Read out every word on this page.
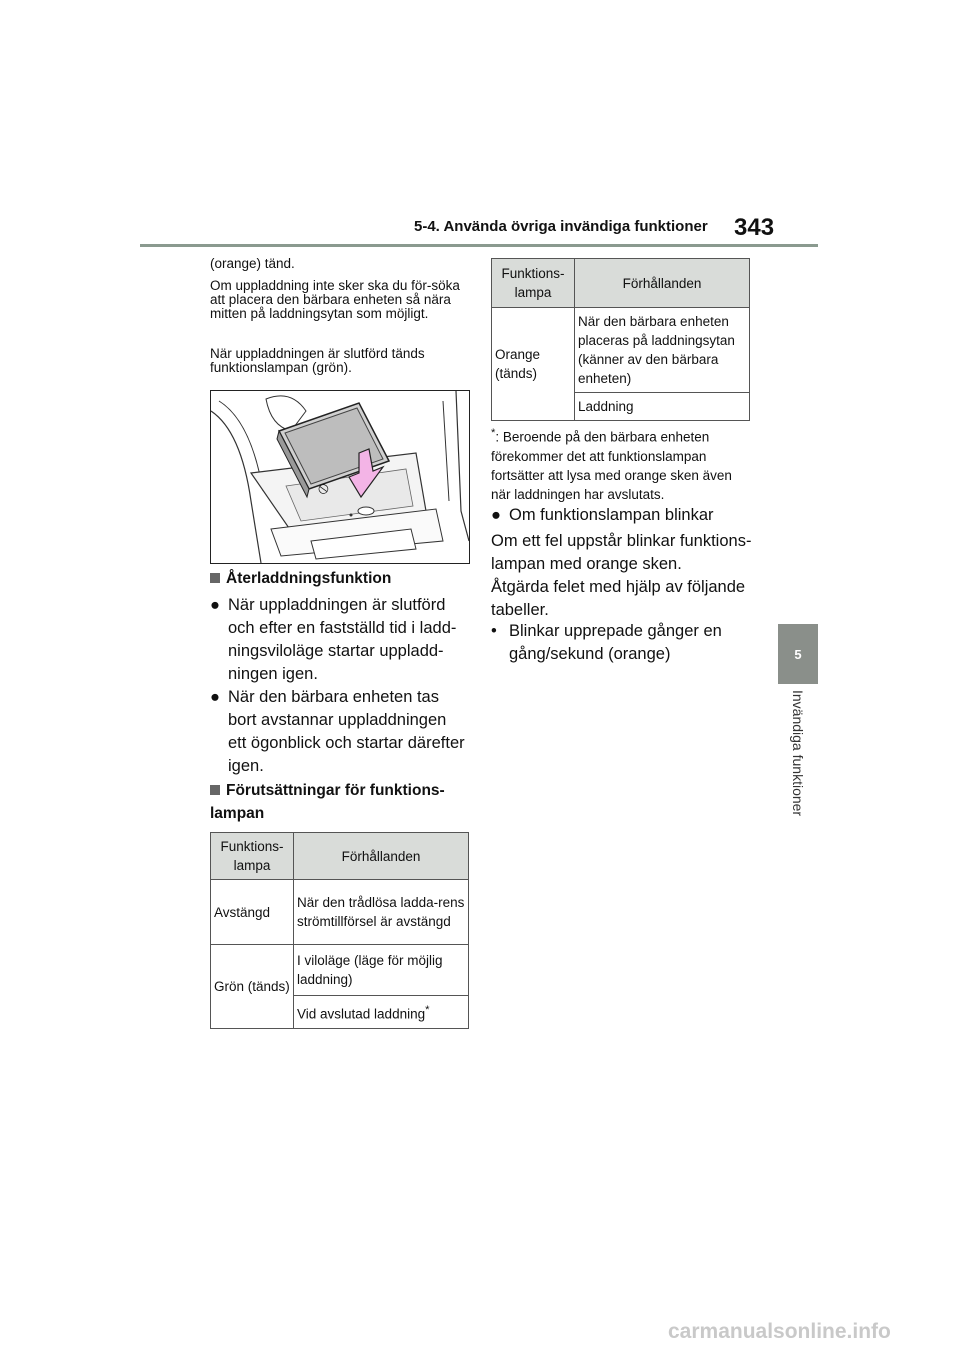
5-4. Använda övriga invändiga funktioner 343
5
Invändiga funktioner
(orange) tänd.
Om uppladdning inte sker ska du för-söka att placera den bärbara enheten så nära mitten på laddningsytan som möjligt.
När uppladdningen är slutförd tänds funktionslampan (grön).
⦸
Återladdningsfunktion
● När uppladdningen är slutförd och efter en fastställd tid i ladd-ningsviloläge startar uppladd-ningen igen.
● När den bärbara enheten tas bort avstannar uppladdningen ett ögonblick och startar därefter igen.
Förutsättningar för funktions-lampan
Funktions-lampa	Förhållanden
Avstängd	När den trådlösa ladda-rens strömtillförsel är avstängd
Grön (tänds)	I viloläge (läge för möjlig laddning)
	Vid avslutad laddning*
Funktions-lampa	Förhållanden
Orange (tänds)	När den bärbara enheten placeras på laddningsytan (känner av den bärbara enheten)
	Laddning
*: Beroende på den bärbara enheten förekommer det att funktionslampan fortsätter att lysa med orange sken även när laddningen har avslutats.
● Om funktionslampan blinkar
Om ett fel uppstår blinkar funktions-lampan med orange sken.
Åtgärda felet med hjälp av följande tabeller.
• Blinkar upprepade gånger en gång/sekund (orange)
carmanualsonline.info
